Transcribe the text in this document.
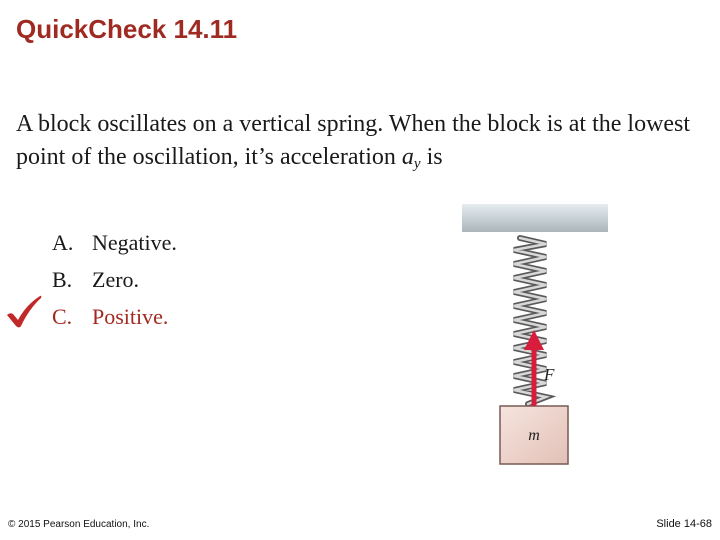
QuickCheck 14.11
A block oscillates on a vertical spring. When the block is at the lowest point of the oscillation, it’s acceleration $a_y$ is
A. Negative.
B. Zero.
C. Positive.
F
m
© 2015 Pearson Education, Inc.	Slide 14-68
